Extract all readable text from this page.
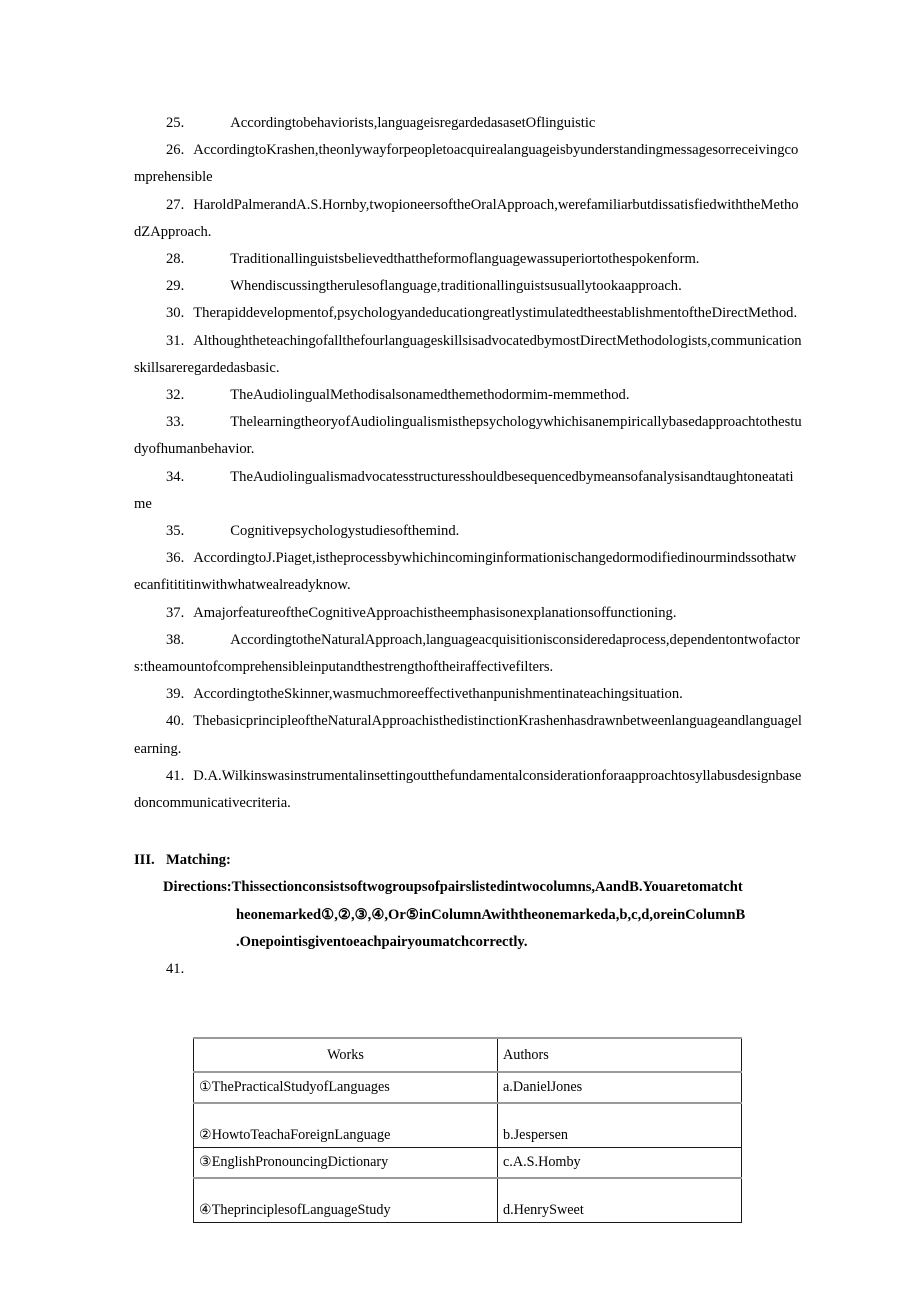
25.	Accordingtobehaviorists,languageisregardedasasetOflinguistic

26. AccordingtoKrashen,theonlywayforpeopletoacquirealanguageisbyunderstandingmessagesorreceivingcomprehensible

27. HaroldPalmerandA.S.Hornby,twopioneersoftheOralApproach,werefamiliarbutdissatisfiedwiththeMethodZApproach.

28.	Traditionallinguistsbelievedthattheformoflanguagewassuperiortothespokenform.

29.	Whendiscussingtherulesoflanguage,traditionallinguistsusuallytookaapproach.

30. Therapiddevelopmentof,psychologyandeducationgreatlystimulatedtheestablishmentoftheDirectMethod.

31. AlthoughtheteachingofallthefourlanguageskillsisadvocatedbymostDirectMethodologists,communicationskillsareregardedasbasic.

32.	TheAudiolingualMethodisalsonamedthemethodormim-memmethod.

33.	ThelearningtheoryofAudiolingualismisthepsychologywhichisanempiricallybasedapproachtothestudyofhumanbehavior.

34.	TheAudiolingualismadvocatesstructuresshouldbesequencedbymeansofanalysisandtaughtoneatatime

35.	Cognitivepsychologystudiesofthemind.

36. AccordingtoJ.Piaget,istheprocessbywhichincominginformationischangedormodifiedinourmindssothatwecanfitititinwithwhatwealreadyknow.

37. AmajorfeatureoftheCognitiveApproachistheemphasisonexplanationsoffunctioning.

38.	AccordingtotheNaturalApproach,languageacquisitionisconsideredaprocess,dependentontwofactors:theamountofcomprehensibleinputandthestrengthoftheiraffectivefilters.

39. AccordingtotheSkinner,wasmuchmoreeffectivethanpunishmentinateachingsituation.

40. ThebasicprincipleoftheNaturalApproachisthedistinctionKrashenhasdrawnbetweenlanguageandlanguagelearning.

41. D.A.Wilkinswasinstrumentalinsettingoutthefundamentalconsiderationforaapproachtosyllabusdesignbasedoncommunicativecriteria.

III. Matching:

Directions:Thissectionconsistsoftwogroupsofpairslistedintwocolumns,AandB.Youaretomatcht
heonemarked①,②,③,④,Or⑤inColumnAwiththeonemarkeda,b,c,d,oreinColumnB
.Onepointisgiventoeachpairyoumatchcorrectly.

41.

Works	Authors
①ThePracticalStudyofLanguages	a.DanielJones
②HowtoTeachaForeignLanguage	b.Jespersen
③EnglishPronouncingDictionary	c.A.S.Homby
④TheprinciplesofLanguageStudy	d.HenrySweet
